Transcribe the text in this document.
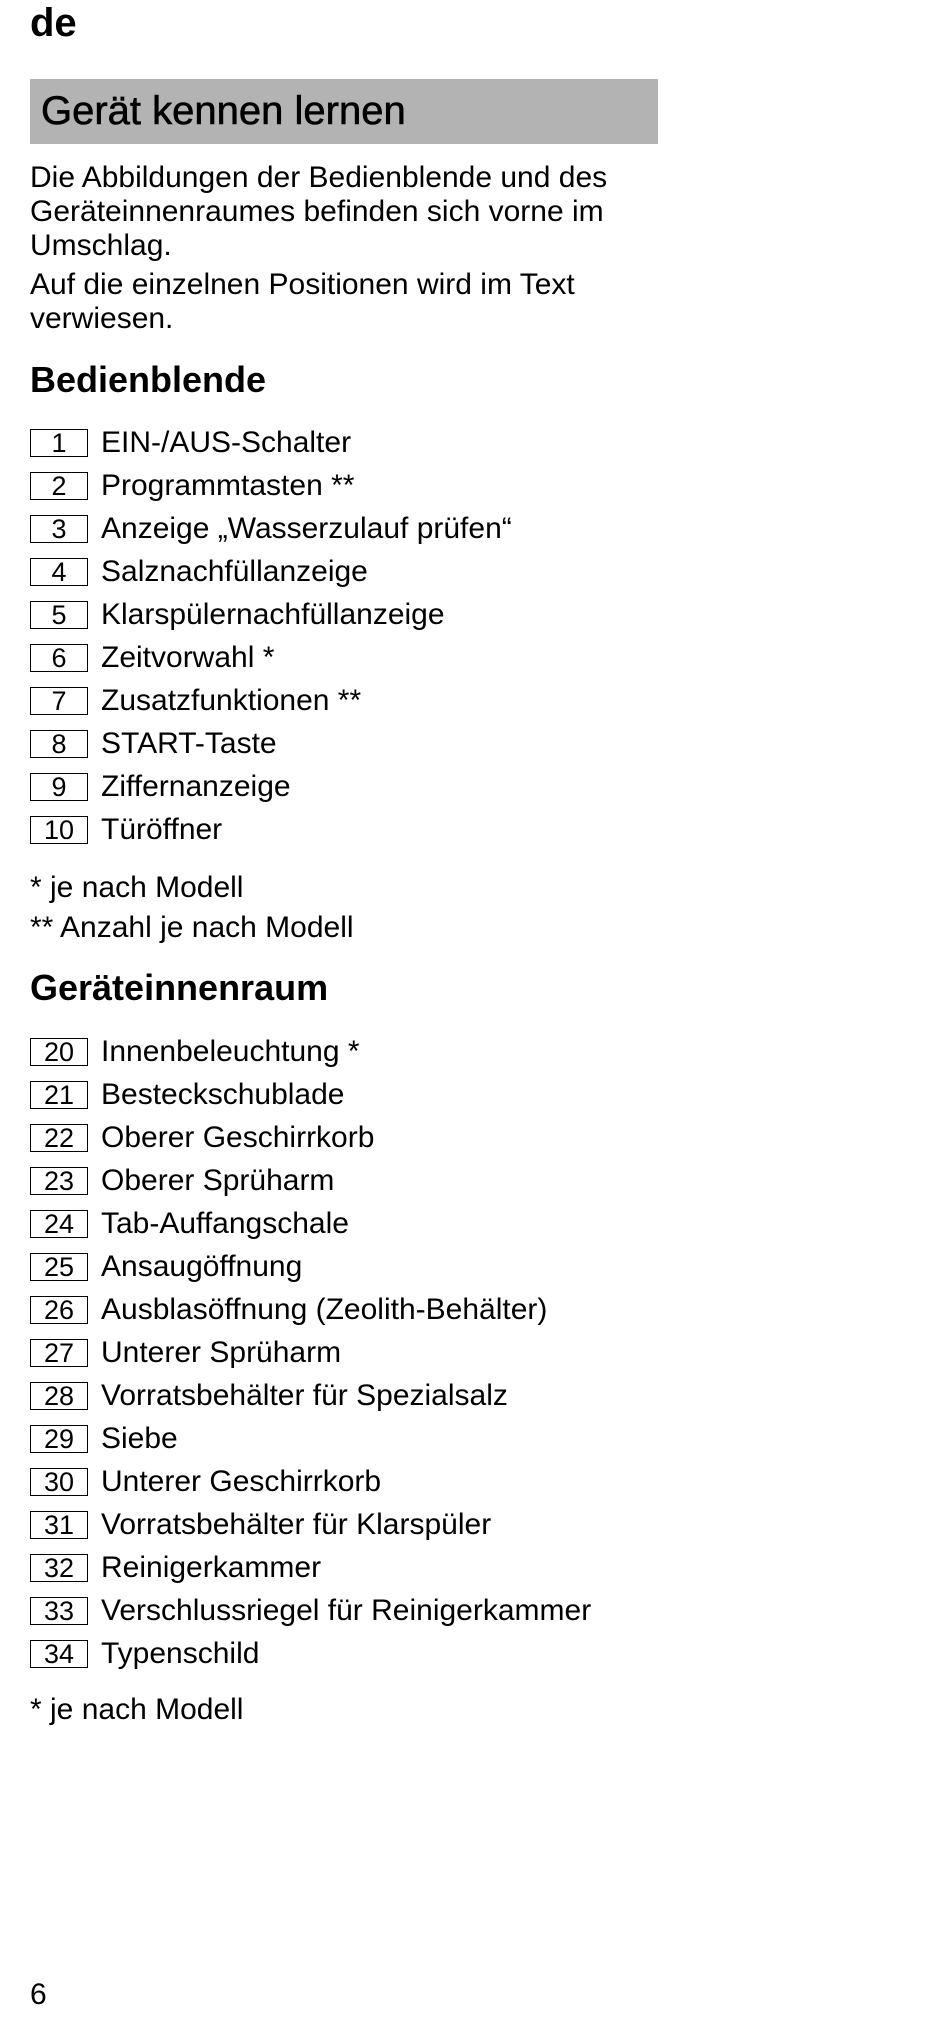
de
Gerät kennen lernen

Die Abbildungen der Bedienblende und des Geräteinnenraumes befinden sich vorne im Umschlag.

Auf die einzelnen Positionen wird im Text verwiesen.

Bedienblende
1	EIN-/AUS-Schalter
2	Programmtasten **
3	Anzeige „Wasserzulauf prüfen“
4	Salznachfüllanzeige
5	Klarspülernachfüllanzeige
6	Zeitvorwahl *
7	Zusatzfunktionen **
8	START-Taste
9	Ziffernanzeige
10 Türöffner

* je nach Modell

** Anzahl je nach Modell

Geräteinnenraum
20 Innenbeleuchtung *
21 Besteckschublade
22 Oberer Geschirrkorb
23 Oberer Sprüharm
24 Tab-Auffangschale
25 Ansaugöffnung
26 Ausblasöffnung (Zeolith-Behälter)
27 Unterer Sprüharm
28 Vorratsbehälter für Spezialsalz
29 Siebe
30 Unterer Geschirrkorb
31 Vorratsbehälter für Klarspüler
32 Reinigerkammer
33 Verschlussriegel für Reinigerkammer
34 Typenschild

* je nach Modell

6
